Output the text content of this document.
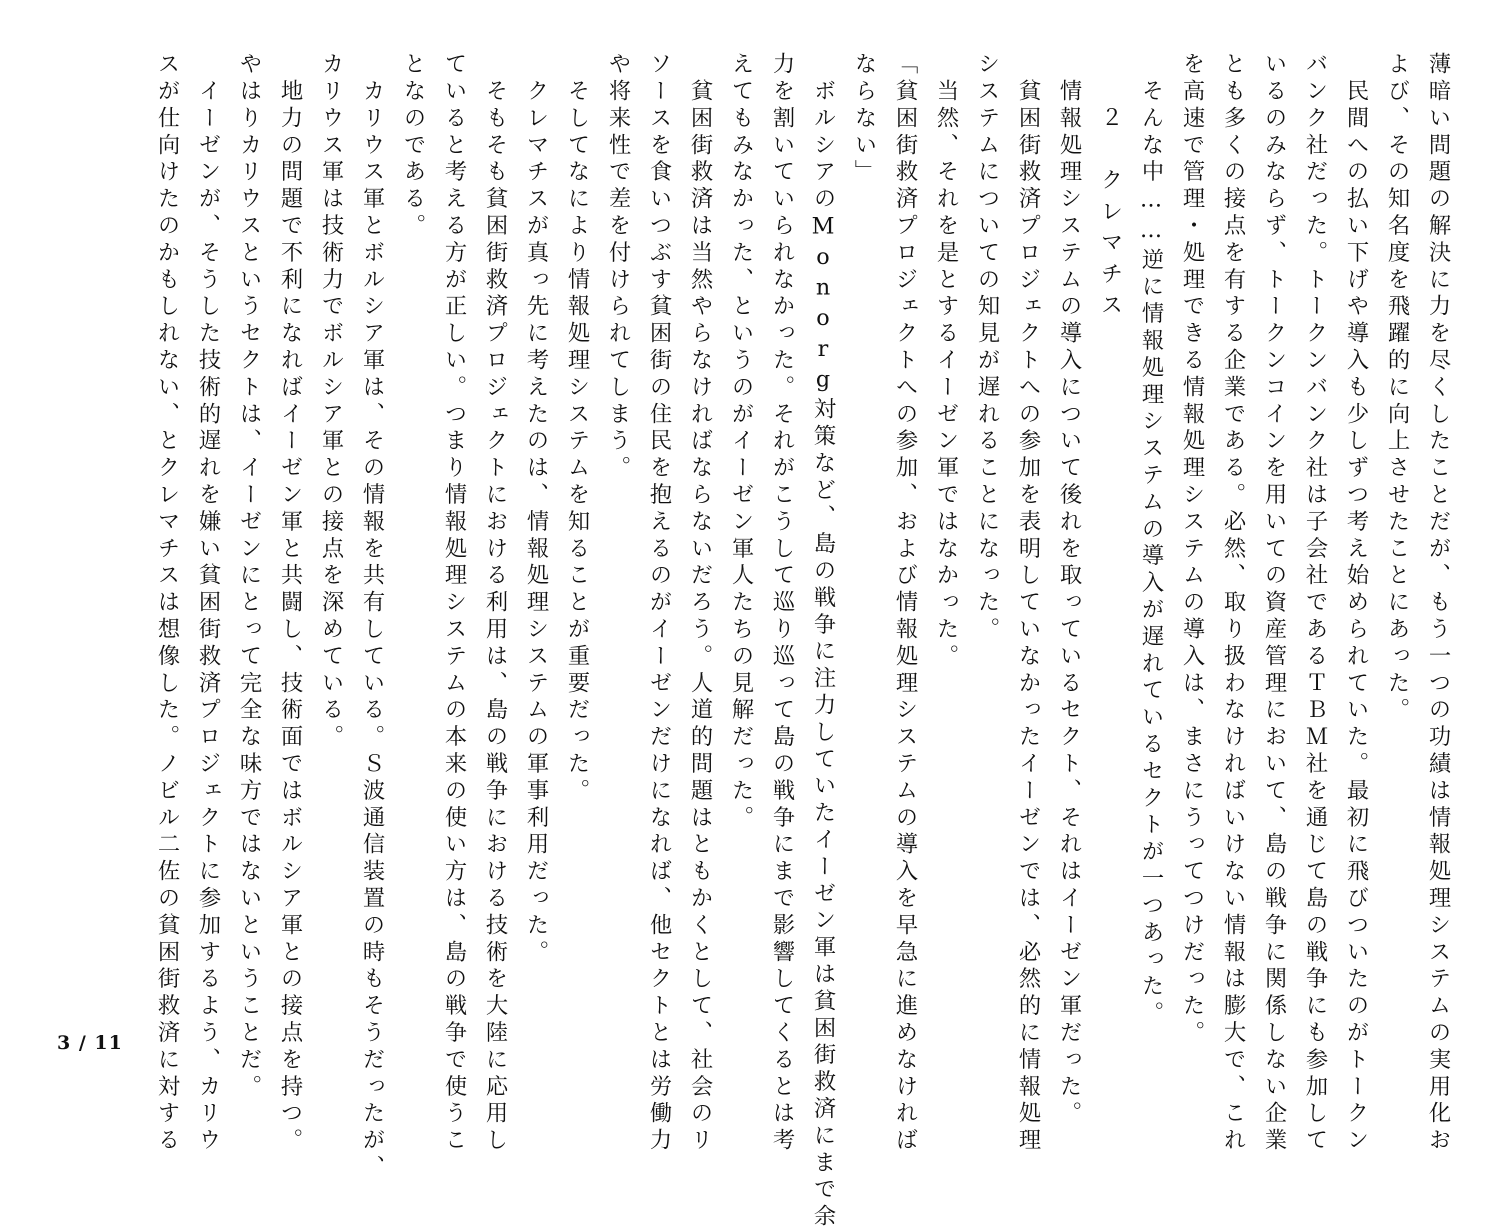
薄暗い問題の解決に力を尽くしたことだが、もう一つの功績は情報処理システムの実用化お
よび、その知名度を飛躍的に向上させたことにあった。
　民間への払い下げや導入も少しずつ考え始められていた。最初に飛びついたのがトークン
バンク社だった。トークンバンク社は子会社であるＴＢＭ社を通じて島の戦争にも参加して
いるのみならず、トークンコインを用いての資産管理において、島の戦争に関係しない企業
とも多くの接点を有する企業である。必然、取り扱わなければいけない情報は膨大で、これ
を高速で管理・処理できる情報処理システムの導入は、まさにうってつけだった。
　そんな中……逆に情報処理システムの導入が遅れているセクトが一つあった。
　２　クレマチス
　情報処理システムの導入について後れを取っているセクト、それはイーゼン軍だった。
　貧困街救済プロジェクトへの参加を表明していなかったイーゼンでは、必然的に情報処理
システムについての知見が遅れることになった。
　当然、それを是とするイーゼン軍ではなかった。
「貧困街救済プロジェクトへの参加、および情報処理システムの導入を早急に進めなければ
ならない」
　ボルシアのMonorg対策など、島の戦争に注力していたイーゼン軍は貧困街救済にまで余
力を割いていられなかった。それがこうして巡り巡って島の戦争にまで影響してくるとは考
えてもみなかった、というのがイーゼン軍人たちの見解だった。
　貧困街救済は当然やらなければならないだろう。人道的問題はともかくとして、社会のリ
ソースを食いつぶす貧困街の住民を抱えるのがイーゼンだけになれば、他セクトとは労働力
や将来性で差を付けられてしまう。
　そしてなにより情報処理システムを知ることが重要だった。
　クレマチスが真っ先に考えたのは、情報処理システムの軍事利用だった。
　そもそも貧困街救済プロジェクトにおける利用は、島の戦争における技術を大陸に応用し
ていると考える方が正しい。つまり情報処理システムの本来の使い方は、島の戦争で使うこ
となのである。
　カリウス軍とボルシア軍は、その情報を共有している。Ｓ波通信装置の時もそうだったが、
カリウス軍は技術力でボルシア軍との接点を深めている。
　地力の問題で不利になればイーゼン軍と共闘し、技術面ではボルシア軍との接点を持つ。
やはりカリウスというセクトは、イーゼンにとって完全な味方ではないということだ。
　イーゼンが、そうした技術的遅れを嫌い貧困街救済プロジェクトに参加するよう、カリウ
スが仕向けたのかもしれない、とクレマチスは想像した。ノビル二佐の貧困街救済に対する
3 / 11
